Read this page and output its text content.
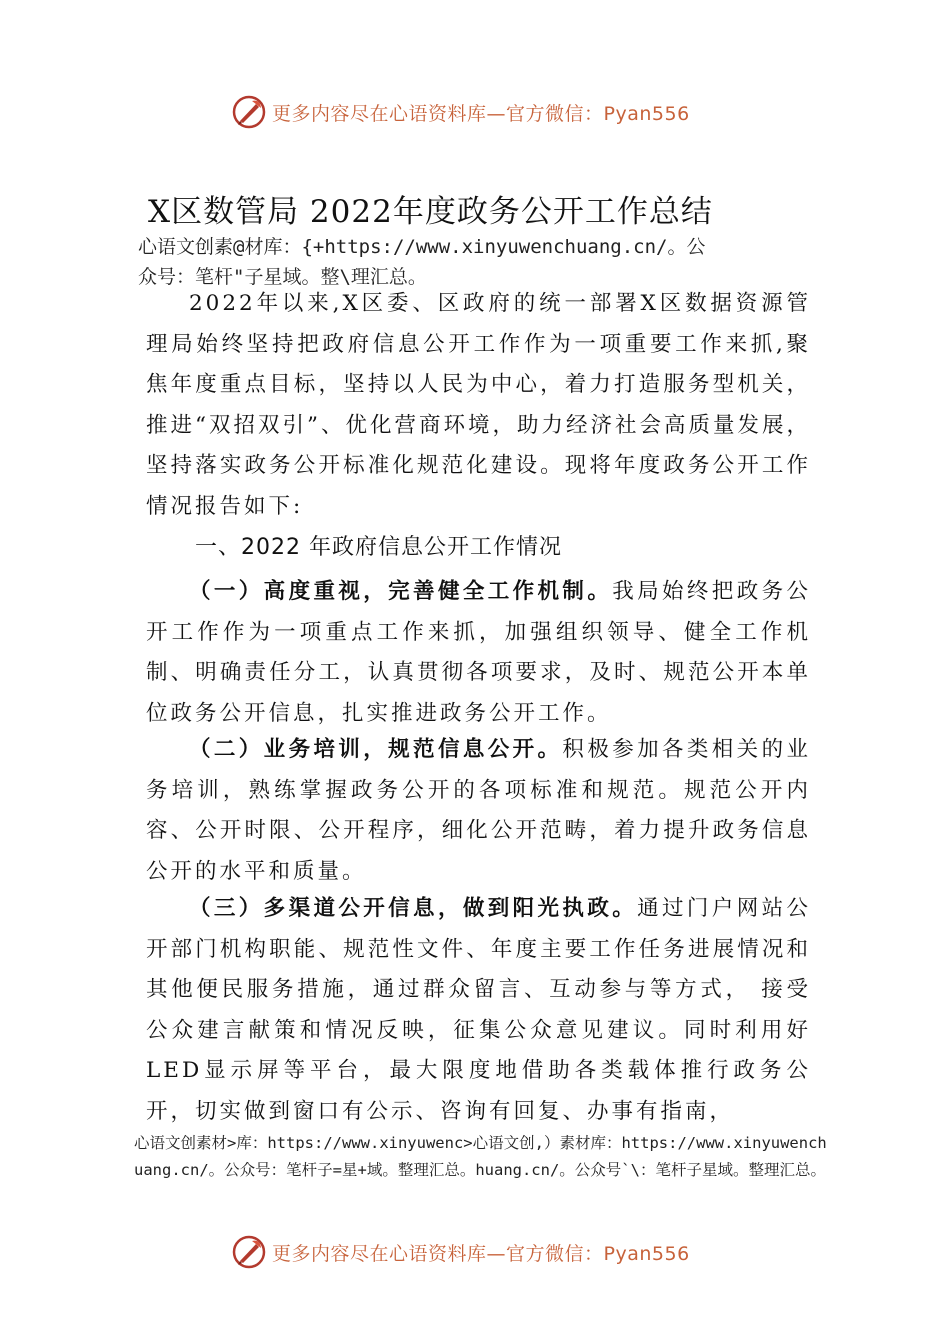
更多内容尽在心语资料库—官方微信：Pyan556
X区数管局 2022年度政务公开工作总结
心语文创素@材库：{+https://www.xinyuwenchuang.cn/。公
众号：笔杆"子星域。整\理汇总。

2022年以来,X区委、区政府的统一部署X区数据资源管理局始终坚持把政府信息公开工作作为一项重要工作来抓,聚焦年度重点目标，坚持以人民为中心，着力打造服务型机关，推进“双招双引”、优化营商环境，助力经济社会高质量发展，坚持落实政务公开标准化规范化建设。现将年度政务公开工作情况报告如下:

一、2022 年政府信息公开工作情况

（一）高度重视，完善健全工作机制。我局始终把政务公开工作作为一项重点工作来抓，加强组织领导、健全工作机制、明确责任分工，认真贯彻各项要求，及时、规范公开本单位政务公开信息，扎实推进政务公开工作。

（二）业务培训，规范信息公开。积极参加各类相关的业务培训，熟练掌握政务公开的各项标准和规范。规范公开内容、公开时限、公开程序，细化公开范畴，着力提升政务信息公开的水平和质量。

（三）多渠道公开信息，做到阳光执政。通过门户网站公开部门机构职能、规范性文件、年度主要工作任务进展情况和其他便民服务措施，通过群众留言、互动参与等方式， 接受公众建言献策和情况反映，征集公众意见建议。同时利用好 LED显示屏等平台，最大限度地借助各类载体推行政务公开，切实做到窗口有公示、咨询有回复、办事有指南，

心语文创素材>库：https://www.xinyuwenc>心语文创,）素材库：https://www.xinyuwenchuang.cn/。公众号：笔杆子=星+域。整理汇总。huang.cn/。公众号`\：笔杆子星域。整理汇总。

更多内容尽在心语资料库—官方微信：Pyan556
